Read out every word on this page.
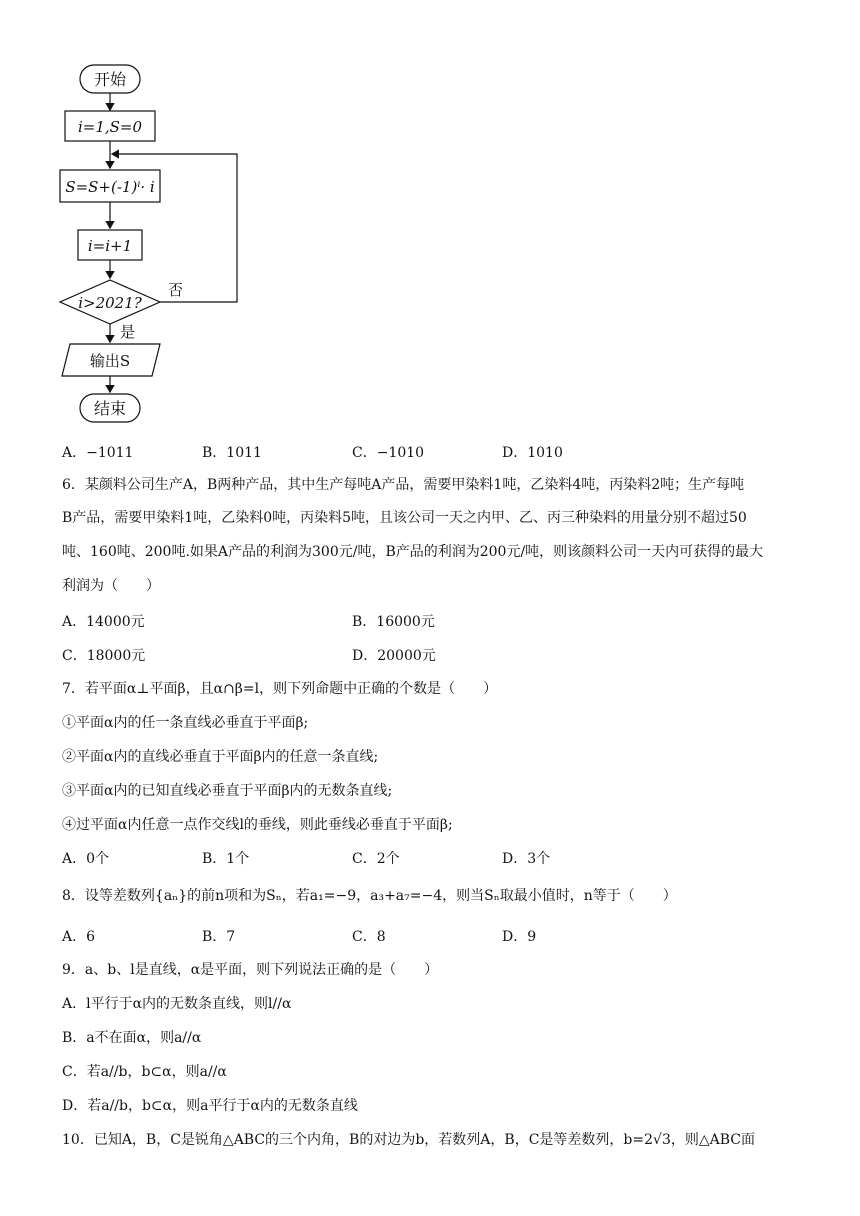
开始
i=1,S=0
S=S+(-1)ⁱ· i
i=i+1
i>2021?
否
是
输出S
结束
A．−1011	B．1011	C．−1010	D．1010
6．某颜料公司生产A，B两种产品，其中生产每吨A产品，需要甲染料1吨，乙染料4吨，丙染料2吨；生产每吨
B产品，需要甲染料1吨，乙染料0吨，丙染料5吨，且该公司一天之内甲、乙、丙三种染料的用量分别不超过50
吨、160吨、200吨.如果A产品的利润为300元/吨，B产品的利润为200元/吨，则该颜料公司一天内可获得的最大
利润为（　　）
A．14000元	B．16000元
C．18000元	D．20000元
7．若平面α⊥平面β，且α∩β=l，则下列命题中正确的个数是（　　）
①平面α内的任一条直线必垂直于平面β;
②平面α内的直线必垂直于平面β内的任意一条直线;
③平面α内的已知直线必垂直于平面β内的无数条直线;
④过平面α内任意一点作交线l的垂线，则此垂线必垂直于平面β;
A．0个	B．1个	C．2个	D．3个
8．设等差数列{aₙ}的前n项和为Sₙ，若a₁=−9，a₃+a₇=−4，则当Sₙ取最小值时，n等于（　　）
A．6	B．7	C．8	D．9
9．a、b、l是直线，α是平面，则下列说法正确的是（　　）
A．l平行于α内的无数条直线，则l//α
B．a不在面α，则a//α
C．若a//b，b⊂α，则a//α
D．若a//b，b⊂α，则a平行于α内的无数条直线
10．已知A，B，C是锐角△ABC的三个内角，B的对边为b，若数列A，B，C是等差数列，b=2√3，则△ABC面
